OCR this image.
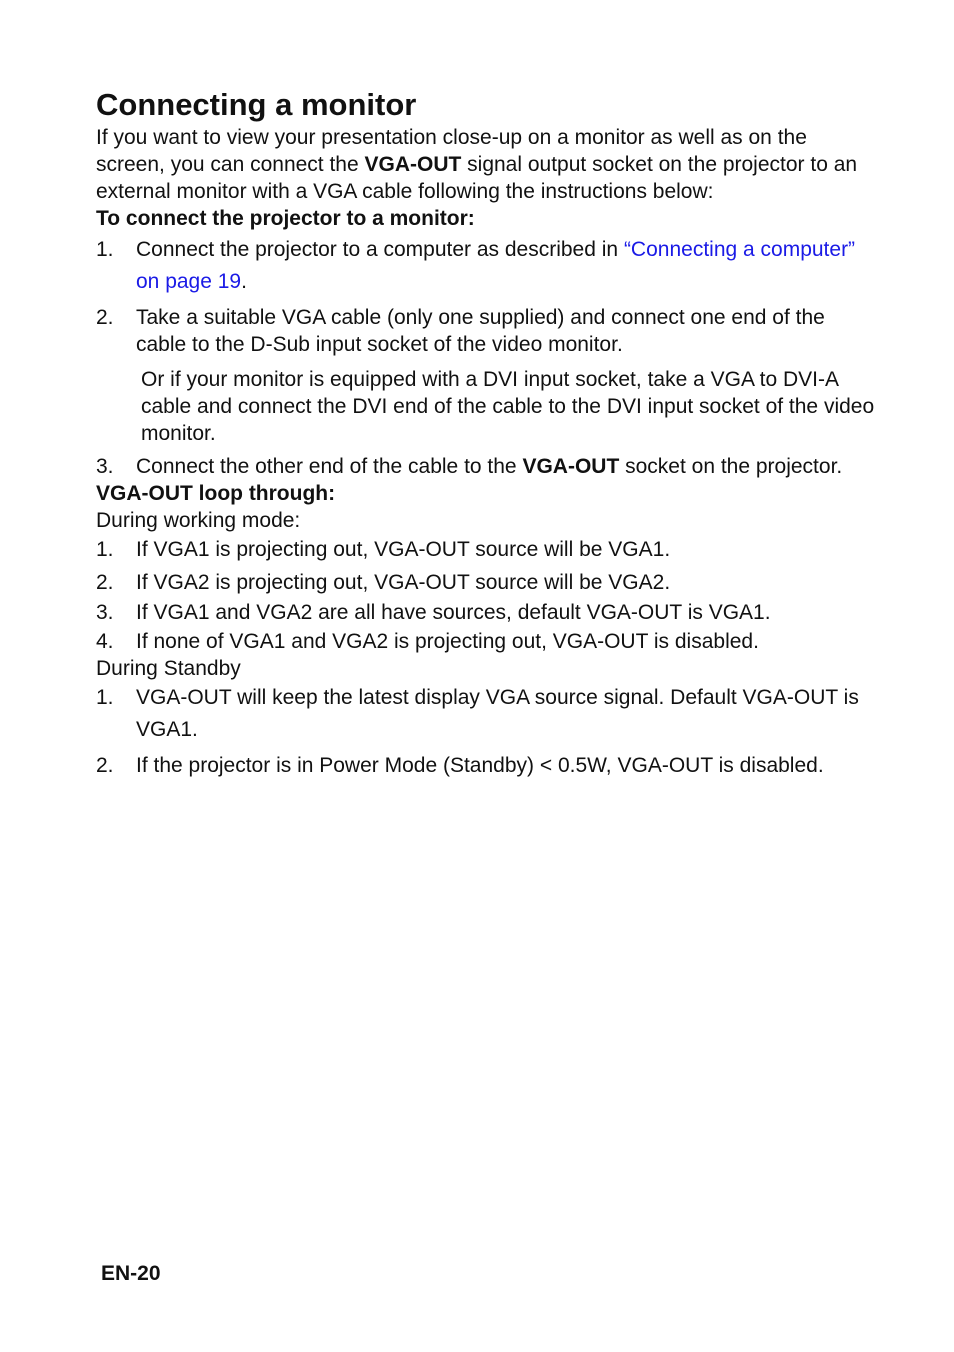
Connecting a monitor

If you want to view your presentation close-up on a monitor as well as on the screen, you can connect the VGA-OUT signal output socket on the projector to an external monitor with a VGA cable following the instructions below:

To connect the projector to a monitor:

1. Connect the projector to a computer as described in “Connecting a computer” on page 19.
2. Take a suitable VGA cable (only one supplied) and connect one end of the cable to the D-Sub input socket of the video monitor.

Or if your monitor is equipped with a DVI input socket, take a VGA to DVI-A cable and connect the DVI end of the cable to the DVI input socket of the video monitor.

3. Connect the other end of the cable to the VGA-OUT socket on the projector.

VGA-OUT loop through:

During working mode:

1. If VGA1 is projecting out, VGA-OUT source will be VGA1.
2. If VGA2 is projecting out, VGA-OUT source will be VGA2.
3. If VGA1 and VGA2 are all have sources, default VGA-OUT is VGA1.
4. If none of VGA1 and VGA2 is projecting out, VGA-OUT is disabled.

During Standby

1. VGA-OUT will keep the latest display VGA source signal. Default VGA-OUT is VGA1.
2. If the projector is in Power Mode (Standby) < 0.5W, VGA-OUT is disabled.
EN-20
